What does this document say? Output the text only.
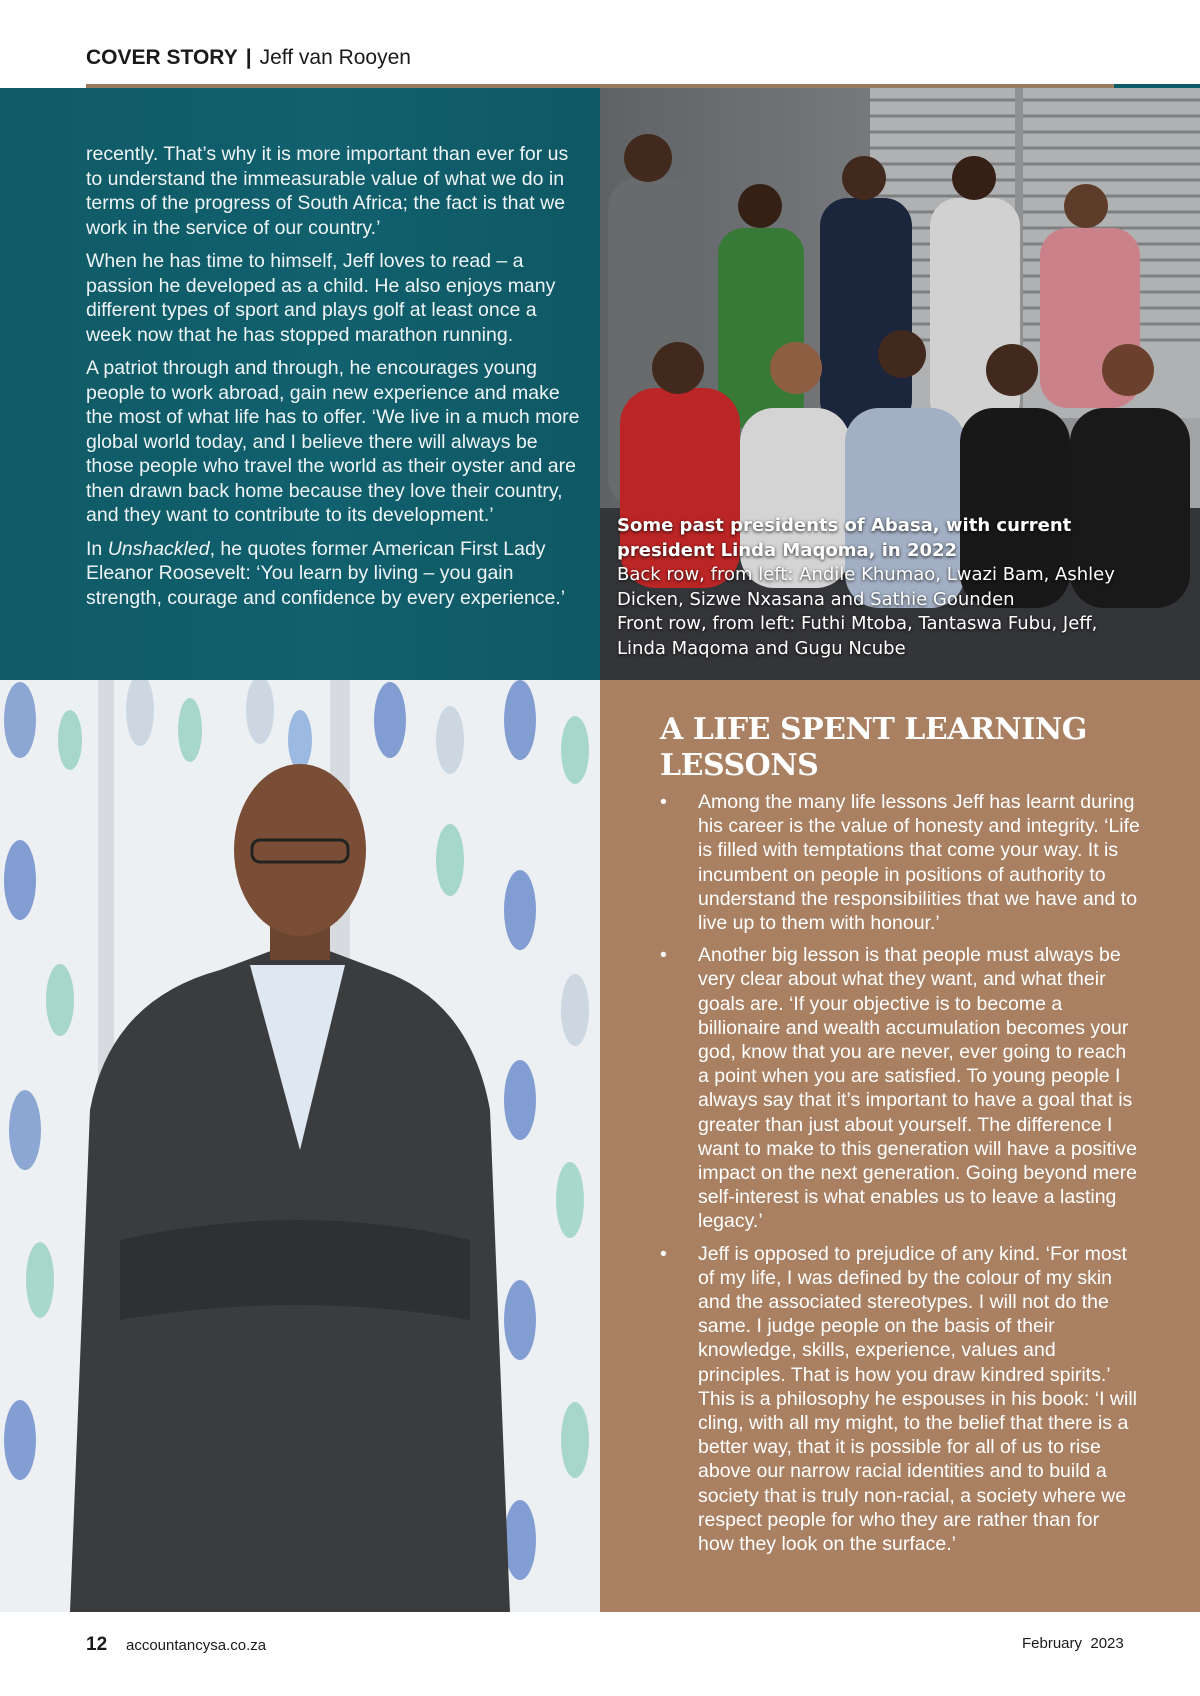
COVER STORY | Jeff van Rooyen

recently. That’s why it is more important than ever for us to understand the immeasurable value of what we do in terms of the progress of South Africa; the fact is that we work in the service of our country.’

When he has time to himself, Jeff loves to read – a passion he developed as a child. He also enjoys many different types of sport and plays golf at least once a week now that he has stopped marathon running.

A patriot through and through, he encourages young people to work abroad, gain new experience and make the most of what life has to offer. ‘We live in a much more global world today, and I believe there will always be those people who travel the world as their oyster and are then drawn back home because they love their country, and they want to contribute to its development.’

In Unshackled, he quotes former American First Lady Eleanor Roosevelt: ‘You learn by living – you gain strength, courage and confidence by every experience.’

Some past presidents of Abasa, with current president Linda Maqoma, in 2022
Back row, from left: Andile Khumao, Lwazi Bam, Ashley Dicken, Sizwe Nxasana and Sathie Gounden
Front row, from left: Futhi Mtoba, Tantaswa Fubu, Jeff, Linda Maqoma and Gugu Ncube
A LIFE SPENT LEARNING LESSONS
• Among the many life lessons Jeff has learnt during his career is the value of honesty and integrity. ‘Life is filled with temptations that come your way. It is incumbent on people in positions of authority to understand the responsibilities that we have and to live up to them with honour.’
• Another big lesson is that people must always be very clear about what they want, and what their goals are. ‘If your objective is to become a billionaire and wealth accumulation becomes your god, know that you are never, ever going to reach a point when you are satisfied. To young people I always say that it’s important to have a goal that is greater than just about yourself. The difference I want to make to this generation will have a positive impact on the next generation. Going beyond mere self-interest is what enables us to leave a lasting legacy.’
• Jeff is opposed to prejudice of any kind. ‘For most of my life, I was defined by the colour of my skin and the associated stereotypes. I will not do the same. I judge people on the basis of their knowledge, skills, experience, values and principles. That is how you draw kindred spirits.’ This is a philosophy he espouses in his book: ‘I will cling, with all my might, to the belief that there is a better way, that it is possible for all of us to rise above our narrow racial identities and to build a society that is truly non-racial, a society where we respect people for who they are rather than for how they look on the surface.’
12 accountancysa.co.za	February  2023
